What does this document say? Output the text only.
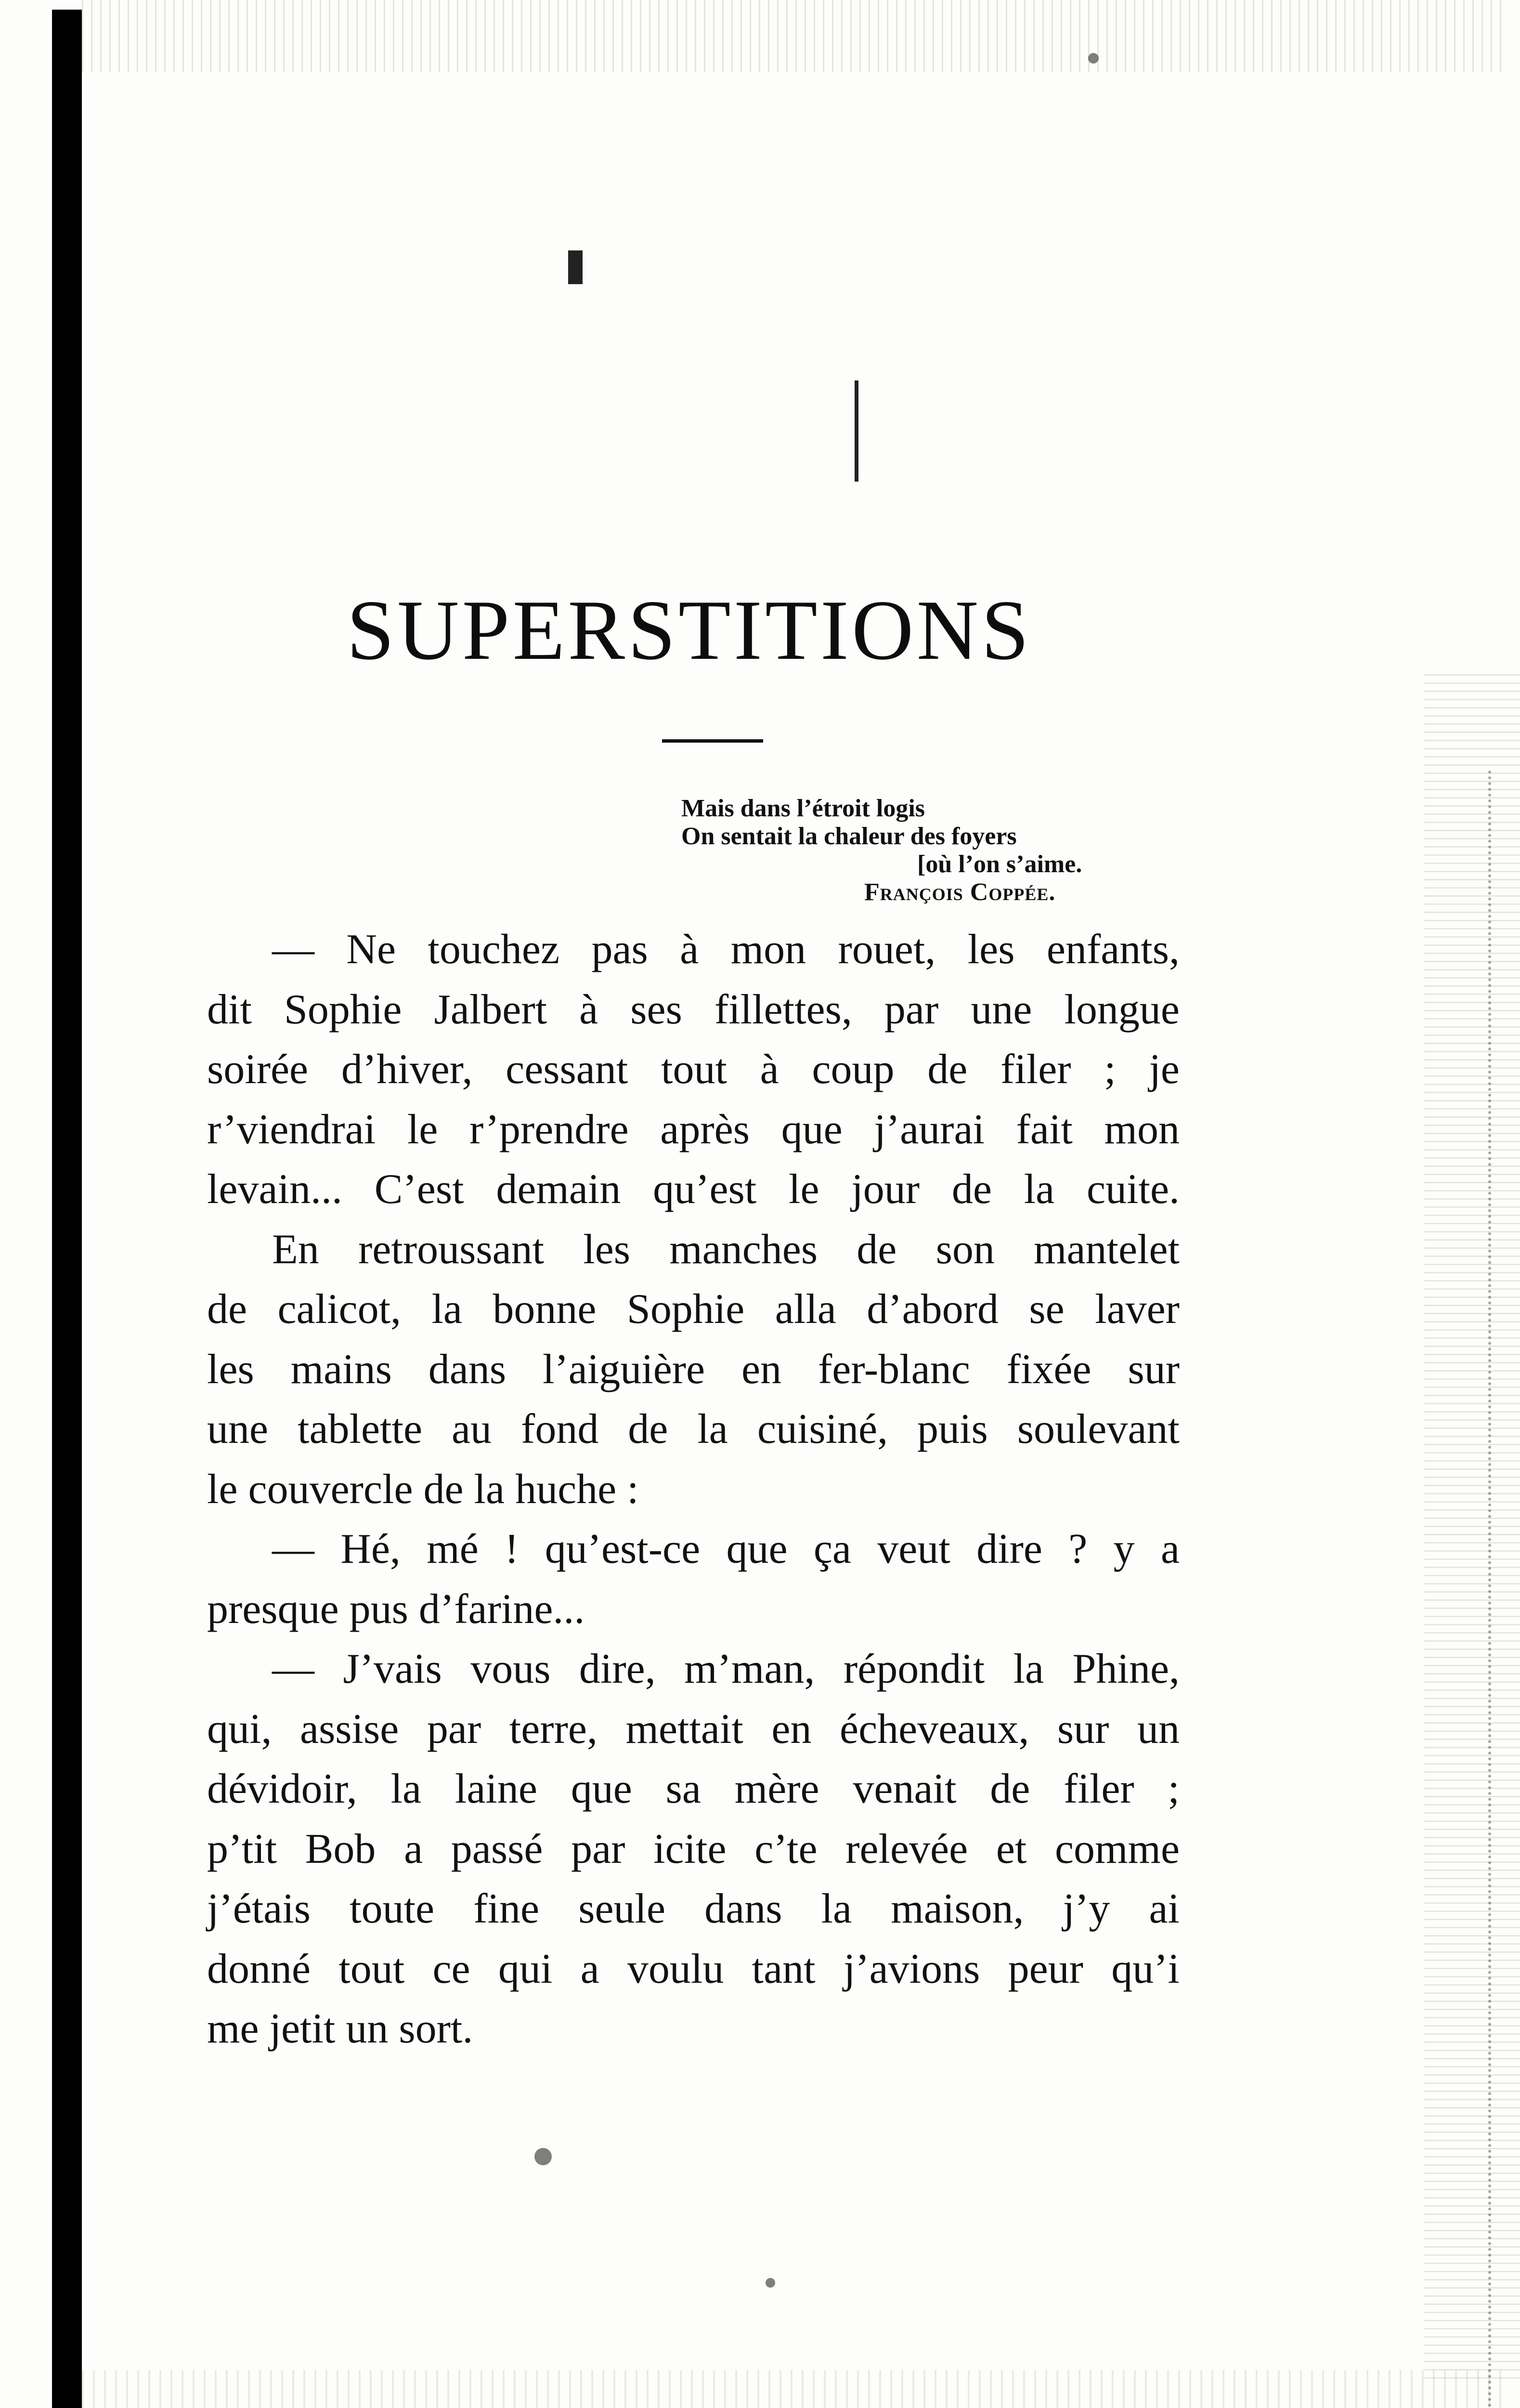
SUPERSTITIONS
Mais dans l’étroit logis
On sentait la chaleur des foyers
[où l’on s’aime.
François Coppée.
— Ne touchez pas à mon rouet, les enfants,
dit Sophie Jalbert à ses fillettes, par une longue
soirée d’hiver, cessant tout à coup de filer ; je
r’viendrai le r’prendre après que j’aurai fait mon
levain... C’est demain qu’est le jour de la cuite.
En retroussant les manches de son mantelet
de calicot, la bonne Sophie alla d’abord se laver
les mains dans l’aiguière en fer-blanc fixée sur
une tablette au fond de la cuisiné, puis soulevant
le couvercle de la huche :
— Hé, mé ! qu’est-ce que ça veut dire ? y a
presque pus d’farine...
— J’vais vous dire, m’man, répondit la Phine,
qui, assise par terre, mettait en écheveaux, sur un
dévidoir, la laine que sa mère venait de filer ;
p’tit Bob a passé par icite c’te relevée et comme
j’étais toute fine seule dans la maison, j’y ai
donné tout ce qui a voulu tant j’avions peur qu’i
me jetit un sort.
